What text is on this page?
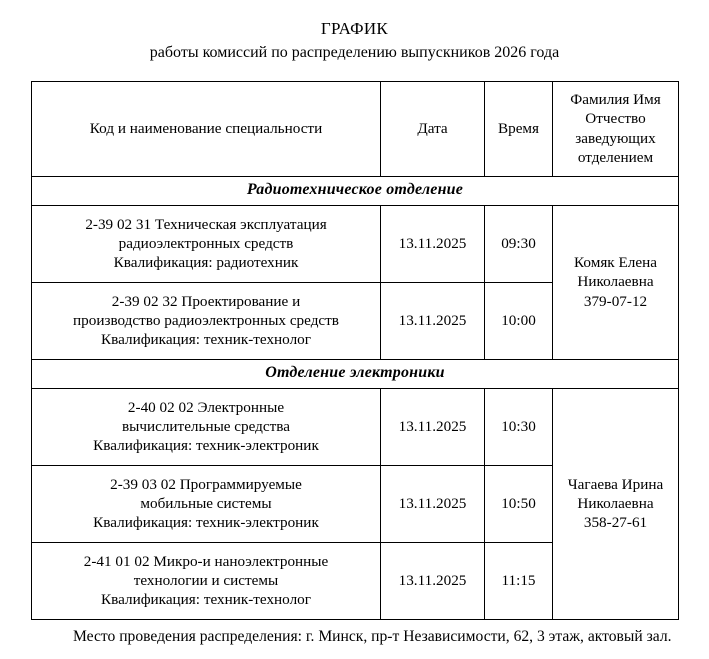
ГРАФИК
работы комиссий по распределению выпускников 2026 года
Код и наименование специальности	Дата	Время	Фамилия Имя Отчество заведующих отделением
Радиотехническое отделение			

2-39 02 31 Техническая эксплуатация
радиоэлектронных средств
Квалификация: радиотехник	13.11.2025	09:30	Комяк Елена
Николаевна
379-07-12

2-39 02 32 Проектирование и
производство радиоэлектронных средств
Квалификация: техник-технолог	13.11.2025	10:00	
Отделение электроники			

2-40 02 02 Электронные
вычислительные средства
Квалификация: техник-электроник	13.11.2025	10:30	Чагаева Ирина
Николаевна
358-27-61

2-39 03 02 Программируемые
мобильные системы
Квалификация: техник-электроник	13.11.2025	10:50	

2-41 01 02 Микро-и наноэлектронные
технологии и системы
Квалификация: техник-технолог	13.11.2025	11:15	
Место проведения распределения: г. Минск, пр-т Независимости, 62, 3 этаж, актовый зал.
